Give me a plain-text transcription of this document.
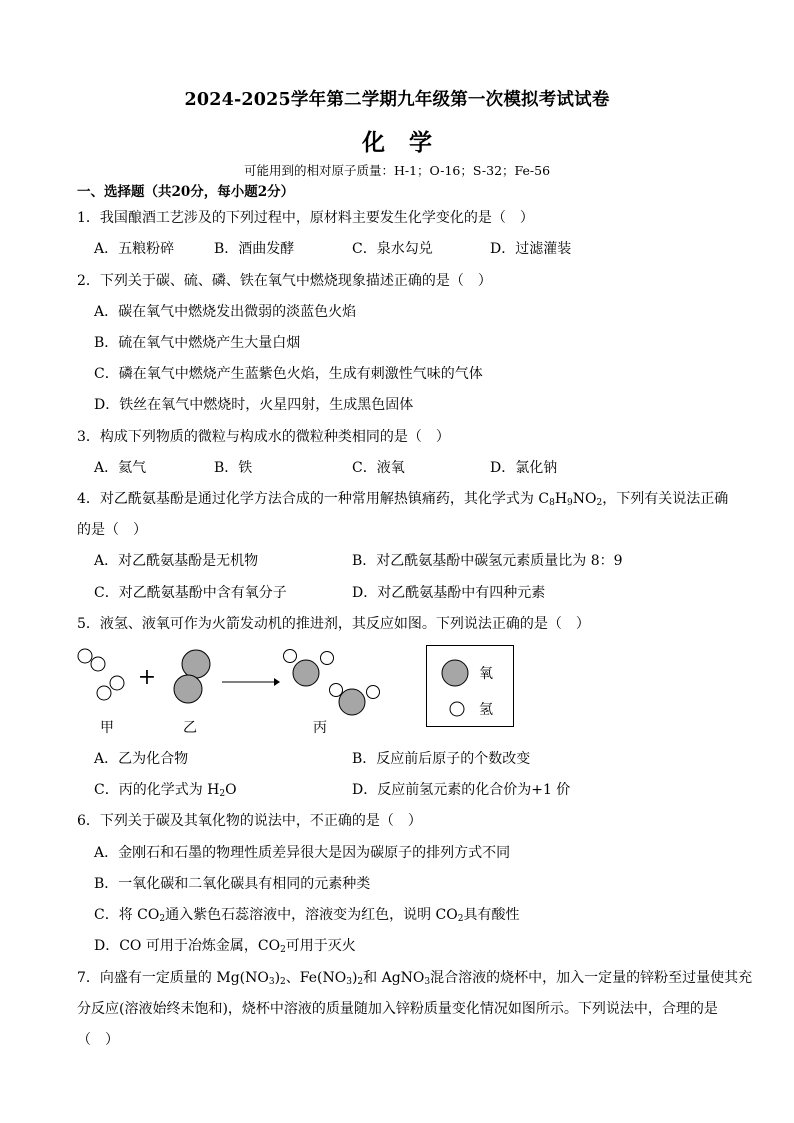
2024-2025学年第二学期九年级第一次模拟考试试卷
化学
可能用到的相对原子质量：H-1；O-16；S-32；Fe-56
一、选择题（共20分，每小题2分）
1．我国酿酒工艺涉及的下列过程中，原材料主要发生化学变化的是（　）
A．五粮粉碎	B．酒曲发酵	C．泉水勾兑	D．过滤灌装
2．下列关于碳、硫、磷、铁在氧气中燃烧现象描述正确的是（　）
A．碳在氧气中燃烧发出微弱的淡蓝色火焰
B．硫在氧气中燃烧产生大量白烟
C．磷在氧气中燃烧产生蓝紫色火焰，生成有刺激性气味的气体
D．铁丝在氧气中燃烧时，火星四射，生成黑色固体
3．构成下列物质的微粒与构成水的微粒种类相同的是（　）
A．氦气	B．铁	C．液氧	D．氯化钠
4．对乙酰氨基酚是通过化学方法合成的一种常用解热镇痛药，其化学式为 $C_8H_9NO_2$，下列有关说法正确
的是（　）
A．对乙酰氨基酚是无机物	B．对乙酰氨基酚中碳氢元素质量比为 8：9
C．对乙酰氨基酚中含有氧分子	D．对乙酰氨基酚中有四种元素
5．液氢、液氧可作为火箭发动机的推进剂，其反应如图。下列说法正确的是（　）
+
甲	乙	丙
氧
氢
A．乙为化合物	B．反应前后原子的个数改变
C．丙的化学式为 $H_2O$	D．反应前氢元素的化合价为+1 价
6．下列关于碳及其氧化物的说法中，不正确的是（　）
A．金刚石和石墨的物理性质差异很大是因为碳原子的排列方式不同
B．一氧化碳和二氧化碳具有相同的元素种类
C．将 $CO_2$通入紫色石蕊溶液中，溶液变为红色，说明 $CO_2$具有酸性
D．CO 可用于冶炼金属，$CO_2$可用于灭火
7．向盛有一定质量的 $Mg(NO_3)_2$、$Fe(NO_3)_2$和 AgNO$_3$混合溶液的烧杯中，加入一定量的锌粉至过量使其充
分反应(溶液始终未饱和)，烧杯中溶液的质量随加入锌粉质量变化情况如图所示。下列说法中，合理的是
（　）
